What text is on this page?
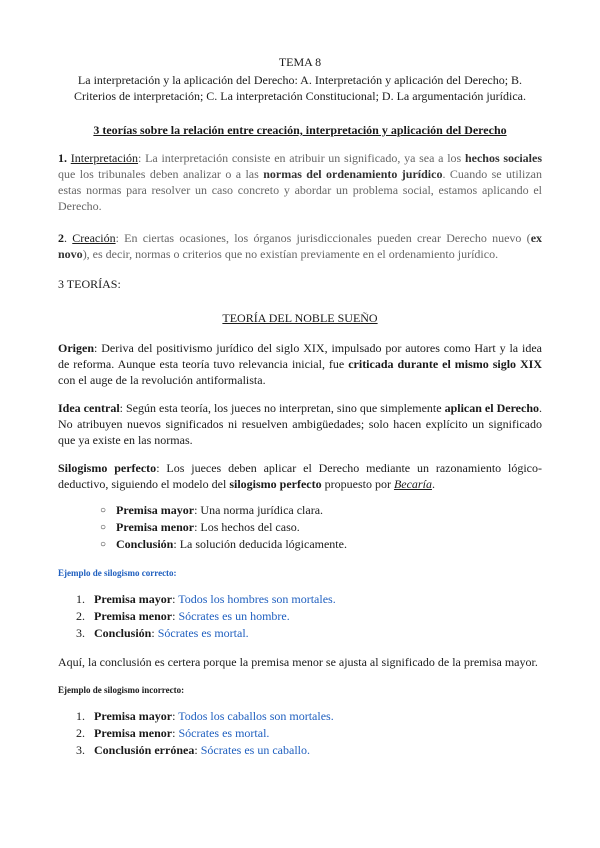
TEMA 8

La interpretación y la aplicación del Derecho: A. Interpretación y aplicación del Derecho; B. Criterios de interpretación; C. La interpretación Constitucional; D. La argumentación jurídica.

3 teorías sobre la relación entre creación, interpretación y aplicación del Derecho

1. Interpretación: La interpretación consiste en atribuir un significado, ya sea a los hechos sociales que los tribunales deben analizar o a las normas del ordenamiento jurídico. Cuando se utilizan estas normas para resolver un caso concreto y abordar un problema social, estamos aplicando el Derecho.

2. Creación: En ciertas ocasiones, los órganos jurisdiccionales pueden crear Derecho nuevo (ex novo), es decir, normas o criterios que no existían previamente en el ordenamiento jurídico.

3 TEORÍAS:

TEORÍA DEL NOBLE SUEÑO

Origen: Deriva del positivismo jurídico del siglo XIX, impulsado por autores como Hart y la idea de reforma. Aunque esta teoría tuvo relevancia inicial, fue criticada durante el mismo siglo XIX con el auge de la revolución antiformalista.

Idea central: Según esta teoría, los jueces no interpretan, sino que simplemente aplican el Derecho. No atribuyen nuevos significados ni resuelven ambigüedades; solo hacen explícito un significado que ya existe en las normas.

Silogismo perfecto: Los jueces deben aplicar el Derecho mediante un razonamiento lógico-deductivo, siguiendo el modelo del silogismo perfecto propuesto por Becaría.

○ Premisa mayor: Una norma jurídica clara.
○ Premisa menor: Los hechos del caso.
○ Conclusión: La solución deducida lógicamente.

Ejemplo de silogismo correcto:

1. Premisa mayor: Todos los hombres son mortales.
2. Premisa menor: Sócrates es un hombre.
3. Conclusión: Sócrates es mortal.

Aquí, la conclusión es certera porque la premisa menor se ajusta al significado de la premisa mayor.

Ejemplo de silogismo incorrecto:

1. Premisa mayor: Todos los caballos son mortales.
2. Premisa menor: Sócrates es mortal.
3. Conclusión errónea: Sócrates es un caballo.
